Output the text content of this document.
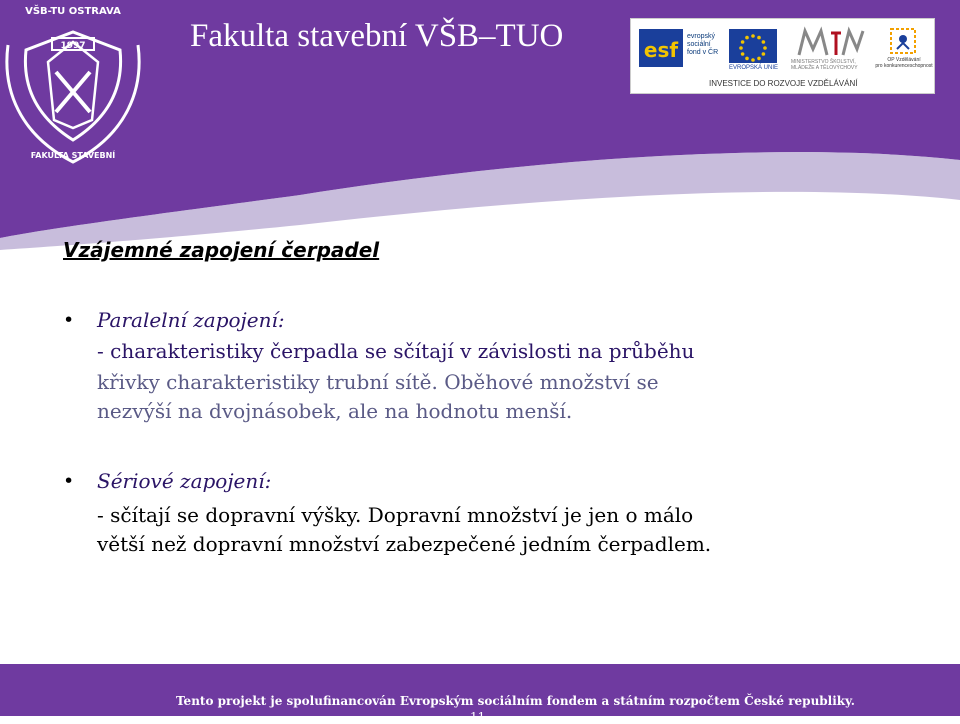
Fakulta stavební VŠB–TUO
VŠB-TU OSTRAVA
1997
FAKULTA STAVEBNÍ
esf
evropský
sociální
fond v ČR
EVROPSKÁ UNIE
MINISTERSTVO ŠKOLSTVÍ,
MLÁDEŽE A TĚLOVÝCHOVY
OP Vzdělávání
pro konkurenceschopnost
INVESTICE DO ROZVOJE VZDĚLÁVÁNÍ
Vzájemné zapojení čerpadel
• Paralelní zapojení:
- charakteristiky čerpadla se sčítají v závislosti na průběhu
křivky charakteristiky trubní sítě. Oběhové množství se
nezvýší na dvojnásobek, ale na hodnotu menší.
• Sériové zapojení:
- sčítají se dopravní výšky. Dopravní množství je jen o málo
větší než dopravní množství zabezpečené jedním čerpadlem.
Tento projekt je spolufinancován Evropským sociálním fondem a státním rozpočtem České republiky.
11
